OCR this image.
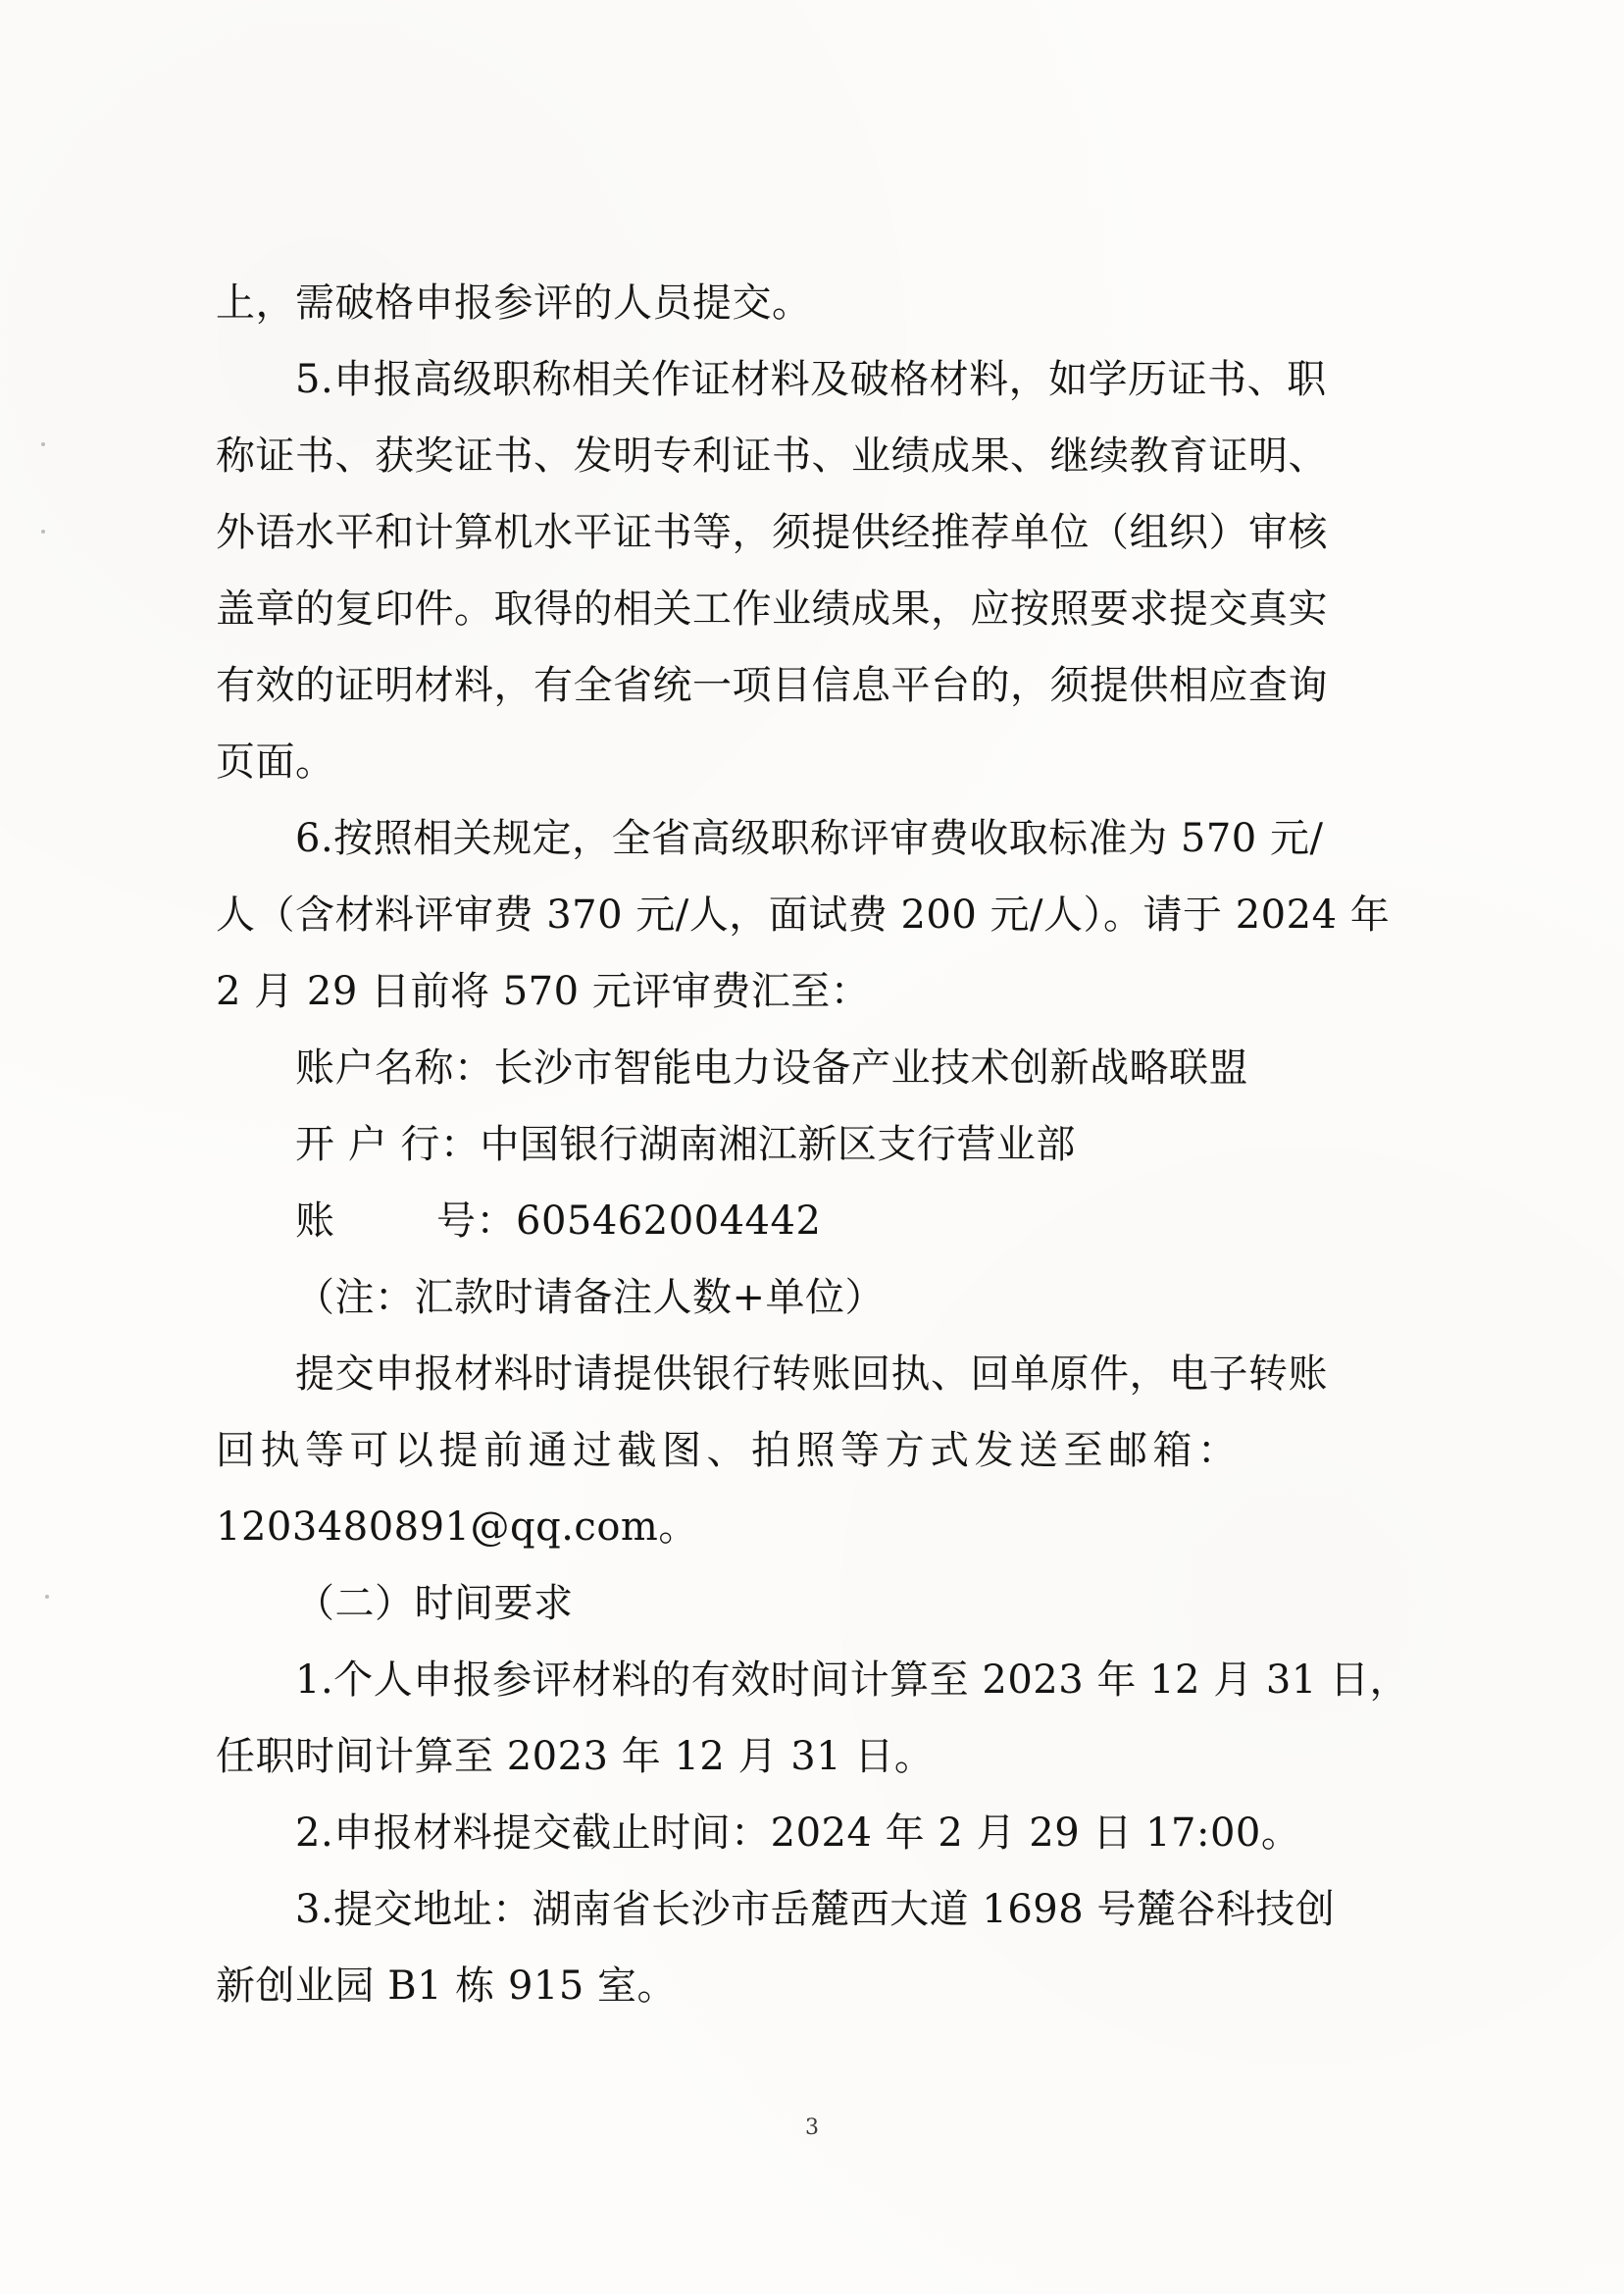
上，需破格申报参评的人员提交。
5.申报高级职称相关作证材料及破格材料，如学历证书、职
称证书、获奖证书、发明专利证书、业绩成果、继续教育证明、
外语水平和计算机水平证书等，须提供经推荐单位（组织）审核
盖章的复印件。取得的相关工作业绩成果，应按照要求提交真实
有效的证明材料，有全省统一项目信息平台的，须提供相应查询
页面。
6.按照相关规定，全省高级职称评审费收取标准为 570 元/
人（含材料评审费 370 元/人，面试费 200 元/人）。请于 2024 年
2 月 29 日前将 570 元评审费汇至：
账户名称：长沙市智能电力设备产业技术创新战略联盟
开 户 行：中国银行湖南湘江新区支行营业部
账	号：605462004442
（注：汇款时请备注人数+单位）
提交申报材料时请提供银行转账回执、回单原件，电子转账
回执等可以提前通过截图、拍照等方式发送至邮箱：
1203480891@qq.com。
（二）时间要求
1.个人申报参评材料的有效时间计算至 2023 年 12 月 31 日，
任职时间计算至 2023 年 12 月 31 日。
2.申报材料提交截止时间：2024 年 2 月 29 日 17:00。
3.提交地址：湖南省长沙市岳麓西大道 1698 号麓谷科技创
新创业园 B1 栋 915 室。
3
